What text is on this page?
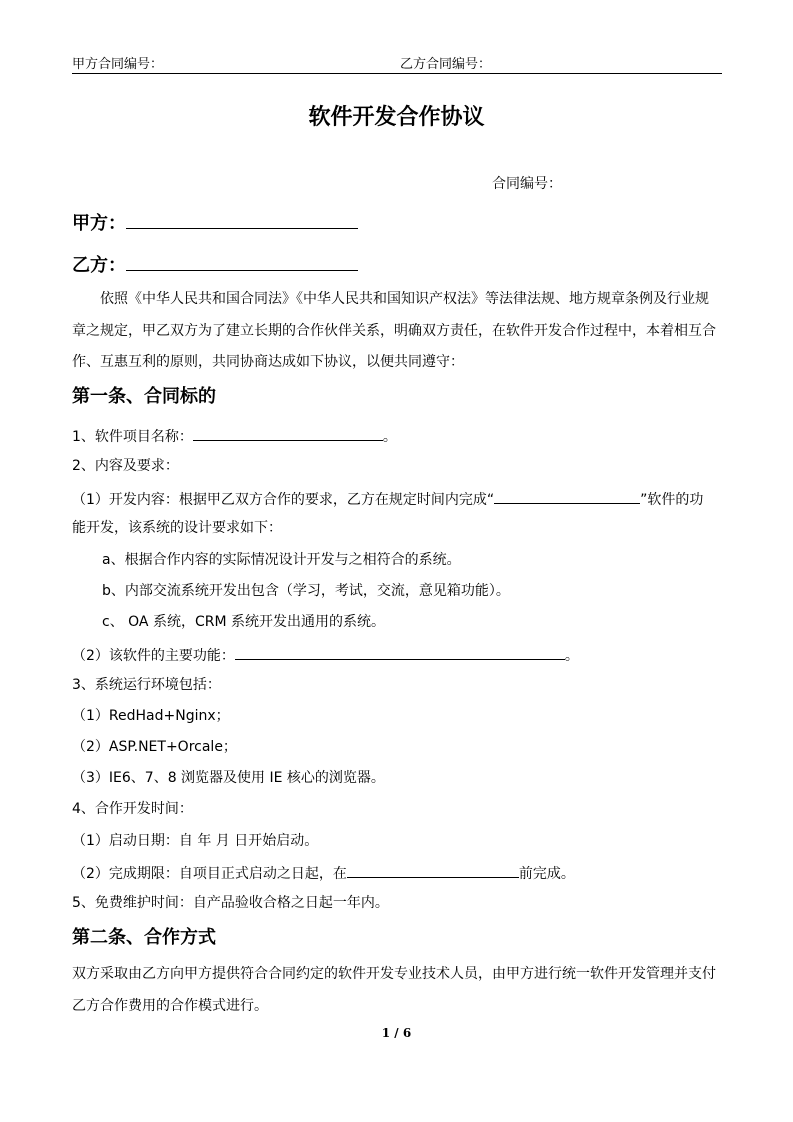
甲方合同编号：	乙方合同编号：
软件开发合作协议
合同编号：
甲方：
乙方：
依照《中华人民共和国合同法》《中华人民共和国知识产权法》等法律法规、地方规章条例及行业规
章之规定，甲乙双方为了建立长期的合作伙伴关系，明确双方责任，在软件开发合作过程中，本着相互合
作、互惠互利的原则，共同协商达成如下协议，以便共同遵守：
第一条、合同标的
1、软件项目名称：	。
2、内容及要求：
（1）开发内容：根据甲乙双方合作的要求，乙方在规定时间内完成“	”软件的功
能开发，该系统的设计要求如下：
a、根据合作内容的实际情况设计开发与之相符合的系统。
b、内部交流系统开发出包含（学习，考试，交流，意见箱功能）。
c、 OA 系统，CRM 系统开发出通用的系统。
（2）该软件的主要功能：	。
3、系统运行环境包括：
（1）RedHad+Nginx；
（2）ASP.NET+Orcale；
（3）IE6、7、8 浏览器及使用 IE 核心的浏览器。
4、合作开发时间：
（1）启动日期：自 年 月 日开始启动。
（2）完成期限：自项目正式启动之日起，在	前完成。
5、免费维护时间：自产品验收合格之日起一年内。
第二条、合作方式
双方采取由乙方向甲方提供符合合同约定的软件开发专业技术人员，由甲方进行统一软件开发管理并支付
乙方合作费用的合作模式进行。
1 / 6
